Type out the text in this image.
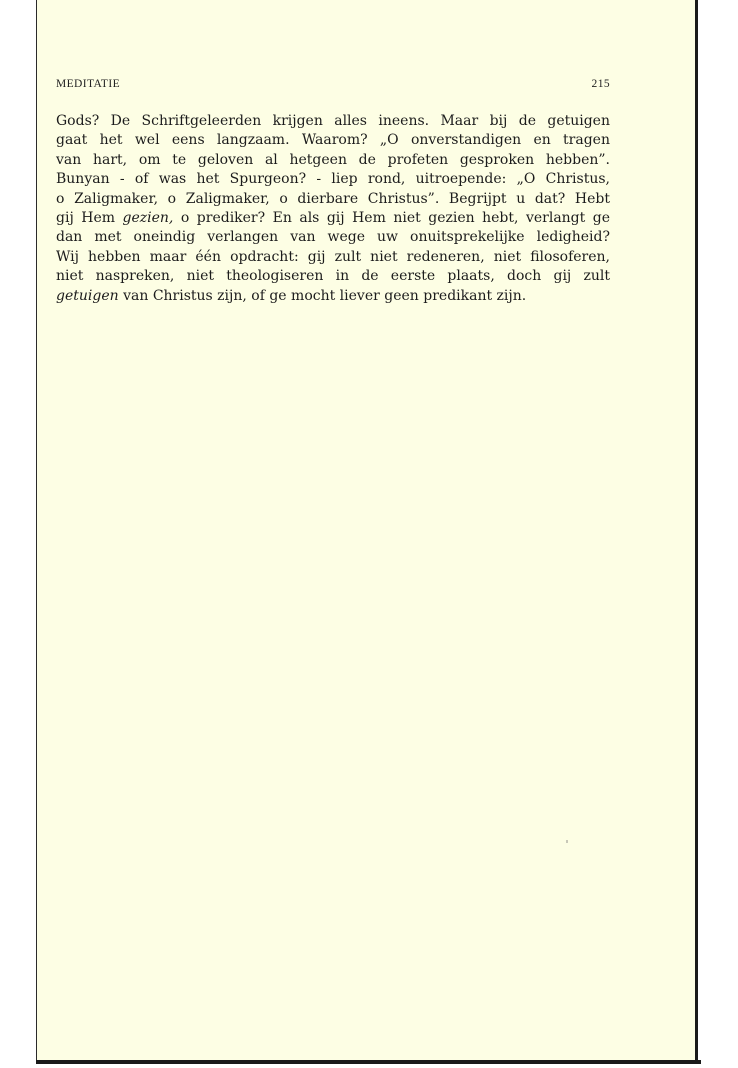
MEDITATIE	215
Gods? De Schriftgeleerden krijgen alles ineens. Maar bij de getuigen
gaat het wel eens langzaam. Waarom? „O onverstandigen en tragen
van hart, om te geloven al hetgeen de profeten gesproken hebben”.
Bunyan - of was het Spurgeon? - liep rond, uitroepende: „O Christus,
o Zaligmaker, o Zaligmaker, o dierbare Christus”. Begrijpt u dat? Hebt
gij Hem gezien, o prediker? En als gij Hem niet gezien hebt, verlangt ge
dan met oneindig verlangen van wege uw onuitsprekelijke ledigheid?
Wij hebben maar één opdracht: gij zult niet redeneren, niet filosoferen,
niet naspreken, niet theologiseren in de eerste plaats, doch gij zult
getuigen van Christus zijn, of ge mocht liever geen predikant zijn.
